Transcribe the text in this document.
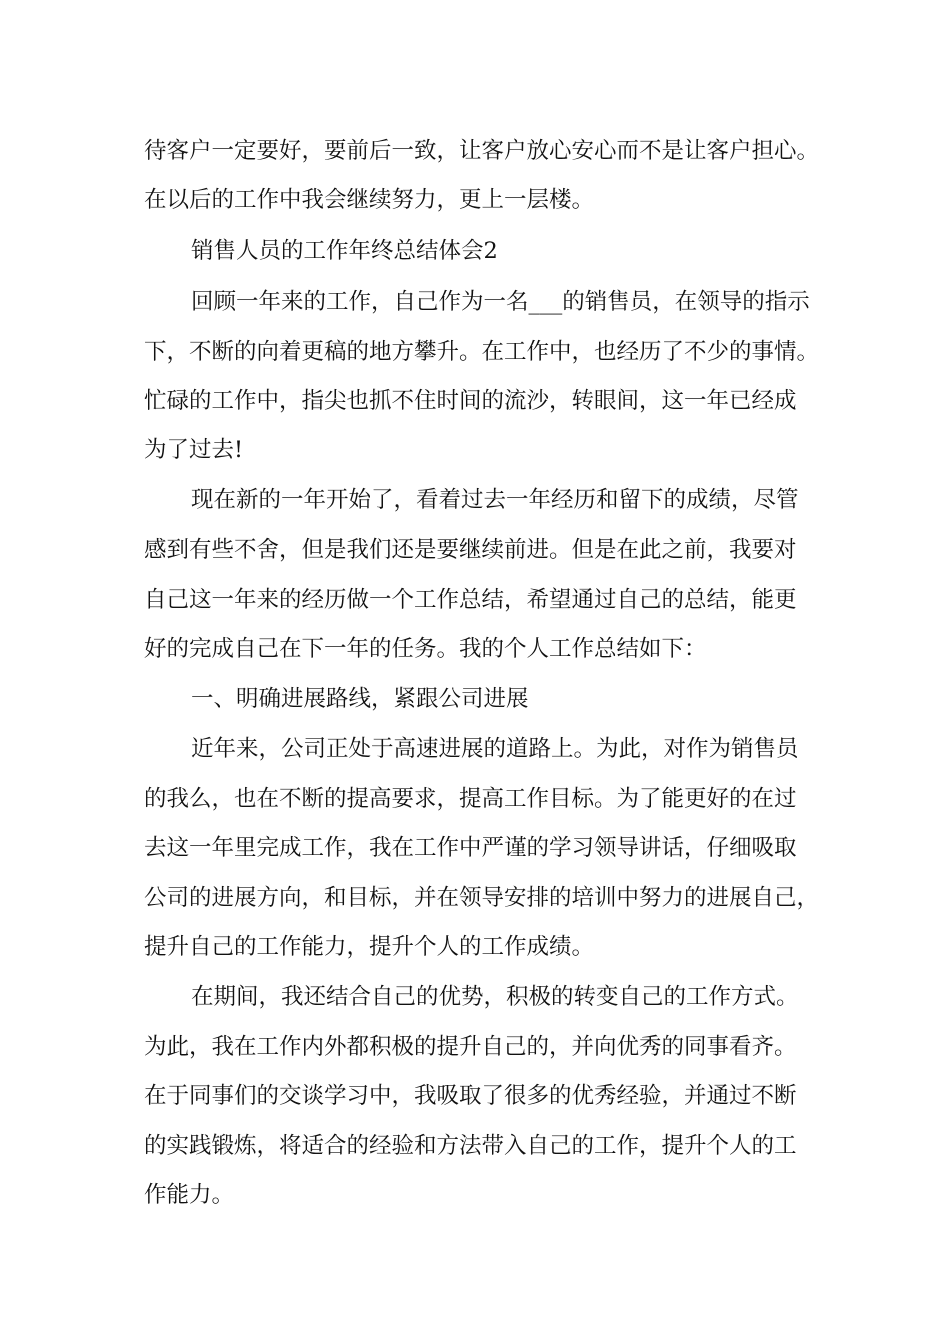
待客户一定要好，要前后一致，让客户放心安心而不是让客户担心。

在以后的工作中我会继续努力，更上一层楼。

销售人员的工作年终总结体会2

回顾一年来的工作，自己作为一名___的销售员，在领导的指示

下，不断的向着更稿的地方攀升。在工作中，也经历了不少的事情。

忙碌的工作中，指尖也抓不住时间的流沙，转眼间，这一年已经成

为了过去!

现在新的一年开始了，看着过去一年经历和留下的成绩，尽管

感到有些不舍，但是我们还是要继续前进。但是在此之前，我要对

自己这一年来的经历做一个工作总结，希望通过自己的总结，能更

好的完成自己在下一年的任务。我的个人工作总结如下：

一、明确进展路线，紧跟公司进展

近年来，公司正处于高速进展的道路上。为此，对作为销售员

的我么，也在不断的提高要求，提高工作目标。为了能更好的在过

去这一年里完成工作，我在工作中严谨的学习领导讲话，仔细吸取

公司的进展方向，和目标，并在领导安排的培训中努力的进展自己，

提升自己的工作能力，提升个人的工作成绩。

在期间，我还结合自己的优势，积极的转变自己的工作方式。

为此，我在工作内外都积极的提升自己的，并向优秀的同事看齐。

在于同事们的交谈学习中，我吸取了很多的优秀经验，并通过不断

的实践锻炼，将适合的经验和方法带入自己的工作，提升个人的工

作能力。
